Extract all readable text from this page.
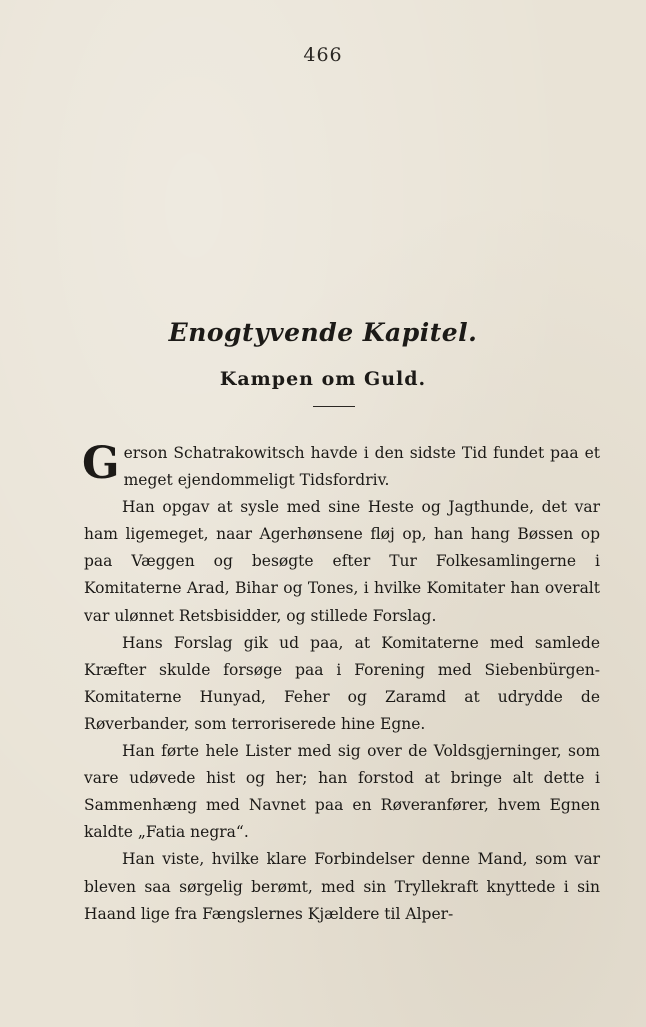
466
Enogtyvende Kapitel.
Kampen om Guld.

Gerson Schatrakowitsch havde i den sidste Tid fundet paa et meget ejendommeligt Tidsfordriv.

Han opgav at sysle med sine Heste og Jagthunde, det var ham ligemeget, naar Agerhønsene fløj op, han hang Bøssen op paa Væggen og besøgte efter Tur Folkesamlingerne i Komitaterne Arad, Bihar og Tones, i hvilke Komitater han overalt var ulønnet Retsbisidder, og stillede Forslag.

Hans Forslag gik ud paa, at Komitaterne med samlede Kræfter skulde forsøge paa i Forening med Siebenbürgen-Komitaterne Hunyad, Feher og Zaramd at udrydde de Røverbander, som terroriserede hine Egne.

Han førte hele Lister med sig over de Voldsgjerninger, som vare udøvede hist og her; han forstod at bringe alt dette i Sammenhæng med Navnet paa en Røveranfører, hvem Egnen kaldte „Fatia negra“.

Han viste, hvilke klare Forbindelser denne Mand, som var bleven saa sørgelig berømt, med sin Tryllekraft knyttede i sin Haand lige fra Fængslernes Kjældere til Alper-
